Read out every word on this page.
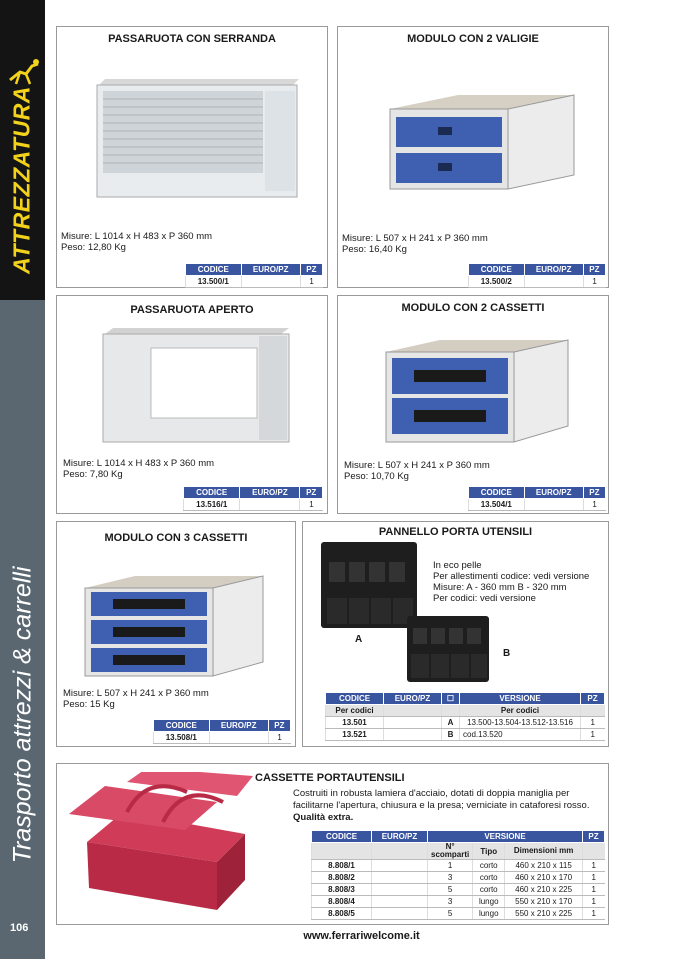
ATTREZZATURA
Trasporto attrezzi & carrelli
106
PASSARUOTA CON SERRANDA
Misure: L 1014 x H 483 x P 360 mm
Peso: 12,80 Kg
CODICE	EURO/PZ	PZ
13.500/1		1
MODULO CON 2 VALIGIE
Misure: L 507 x H 241 x P 360 mm
Peso: 16,40 Kg
CODICE	EURO/PZ	PZ
13.500/2		1
PASSARUOTA APERTO
Misure: L 1014 x H 483 x P 360 mm
Peso: 7,80 Kg
CODICE	EURO/PZ	PZ
13.516/1		1
MODULO CON 2 CASSETTI
Misure: L 507 x H 241 x P 360 mm
Peso: 10,70 Kg
CODICE	EURO/PZ	PZ
13.504/1		1
MODULO CON 3 CASSETTI
Misure: L 507 x H 241 x P 360 mm
Peso: 15 Kg
CODICE	EURO/PZ	PZ
13.508/1		1
PANNELLO PORTA UTENSILI
A
B
In eco pelle
Per allestimenti codice: vedi versione
Misure: A - 360 mm B - 320 mm
Per codici: vedi versione
CODICE	EURO/PZ	☐	VERSIONE	PZ
Per codici			Per codici	
13.501		A	13.500-13.504-13.512-13.516	1
13.521		B	cod.13.520	1
CASSETTE PORTAUTENSILI
Costruiti in robusta lamiera d'acciaio, dotati di doppia maniglia per facilitarne l'apertura, chiusura e la presa; verniciate in cataforesi rosso. Qualità extra.
CODICE	EURO/PZ	VERSIONE			PZ
		N° scomparti	Tipo	Dimensioni mm	
8.808/1		1	corto	460 x 210 x 115	1
8.808/2		3	corto	460 x 210 x 170	1
8.808/3		5	corto	460 x 210 x 225	1
8.808/4		3	lungo	550 x 210 x 170	1
8.808/5		5	lungo	550 x 210 x 225	1
www.ferrariwelcome.it
